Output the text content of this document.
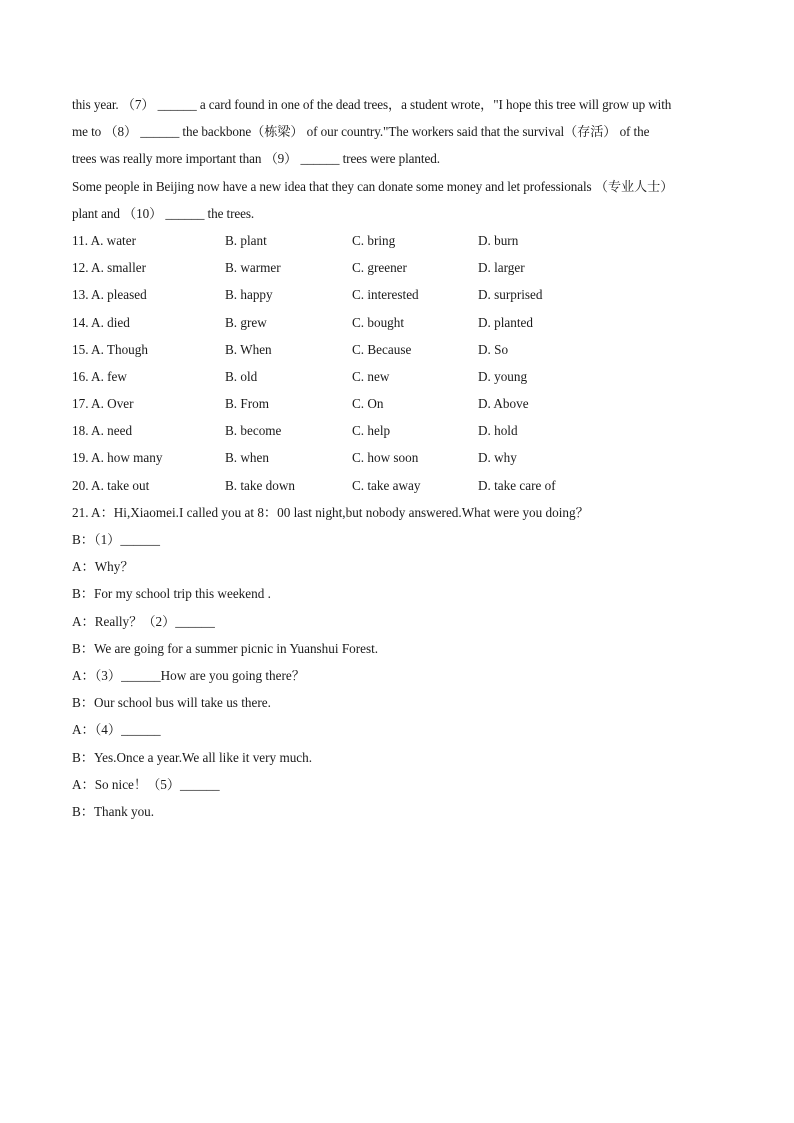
this year. （7） ______ a card found in one of the dead trees，a student wrote，"I hope this tree will grow up with
me to （8） ______ the backbone（栋梁） of our country."The workers said that the survival（存活） of the
trees was really more important than （9） ______ trees were planted.
Some people in Beijing now have a new idea that they can donate some money and let professionals （专业人士）
plant and （10） ______ the trees.
11. A. water	B. plant	C. bring	D. burn
12. A. smaller	B. warmer	C. greener	D. larger
13. A. pleased	B. happy	C. interested	D. surprised
14. A. died	B. grew	C. bought	D. planted
15. A. Though	B. When	C. Because	D. So
16. A. few	B. old	C. new	D. young
17. A. Over	B. From	C. On	D. Above
18. A. need	B. become	C. help	D. hold
19. A. how many	B. when	C. how soon	D. why
20. A. take out	B. take down	C. take away	D. take care of
21. A：Hi,Xiaomei.I called you at 8：00 last night,but nobody answered.What were you doing？
B：（1）______
A：Why？
B：For my school trip this weekend .
A：Really？（2）______
B：We are going for a summer picnic in Yuanshui Forest.
A：（3）______How are you going there？
B：Our school bus will take us there.
A：（4）______
B：Yes.Once a year.We all like it very much.
A：So nice！（5）______
B：Thank you.
